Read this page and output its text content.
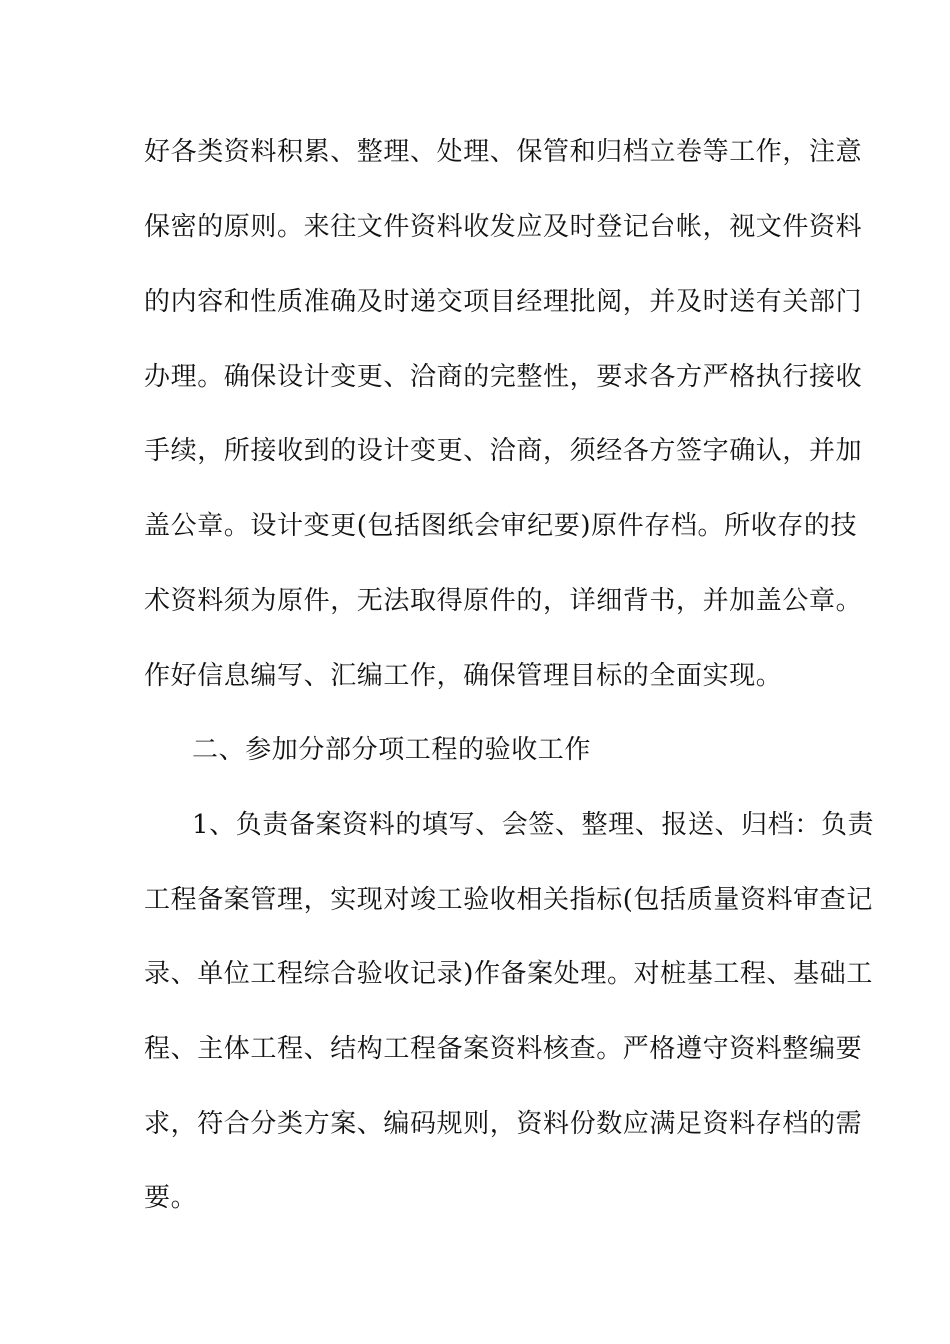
好各类资料积累、整理、处理、保管和归档立卷等工作，注意
保密的原则。来往文件资料收发应及时登记台帐，视文件资料
的内容和性质准确及时递交项目经理批阅，并及时送有关部门
办理。确保设计变更、洽商的完整性，要求各方严格执行接收
手续，所接收到的设计变更、洽商，须经各方签字确认，并加
盖公章。设计变更(包括图纸会审纪要)原件存档。所收存的技
术资料须为原件，无法取得原件的，详细背书，并加盖公章。
作好信息编写、汇编工作，确保管理目标的全面实现。
二、参加分部分项工程的验收工作
1、负责备案资料的填写、会签、整理、报送、归档：负责
工程备案管理，实现对竣工验收相关指标(包括质量资料审查记
录、单位工程综合验收记录)作备案处理。对桩基工程、基础工
程、主体工程、结构工程备案资料核查。严格遵守资料整编要
求，符合分类方案、编码规则，资料份数应满足资料存档的需
要。
